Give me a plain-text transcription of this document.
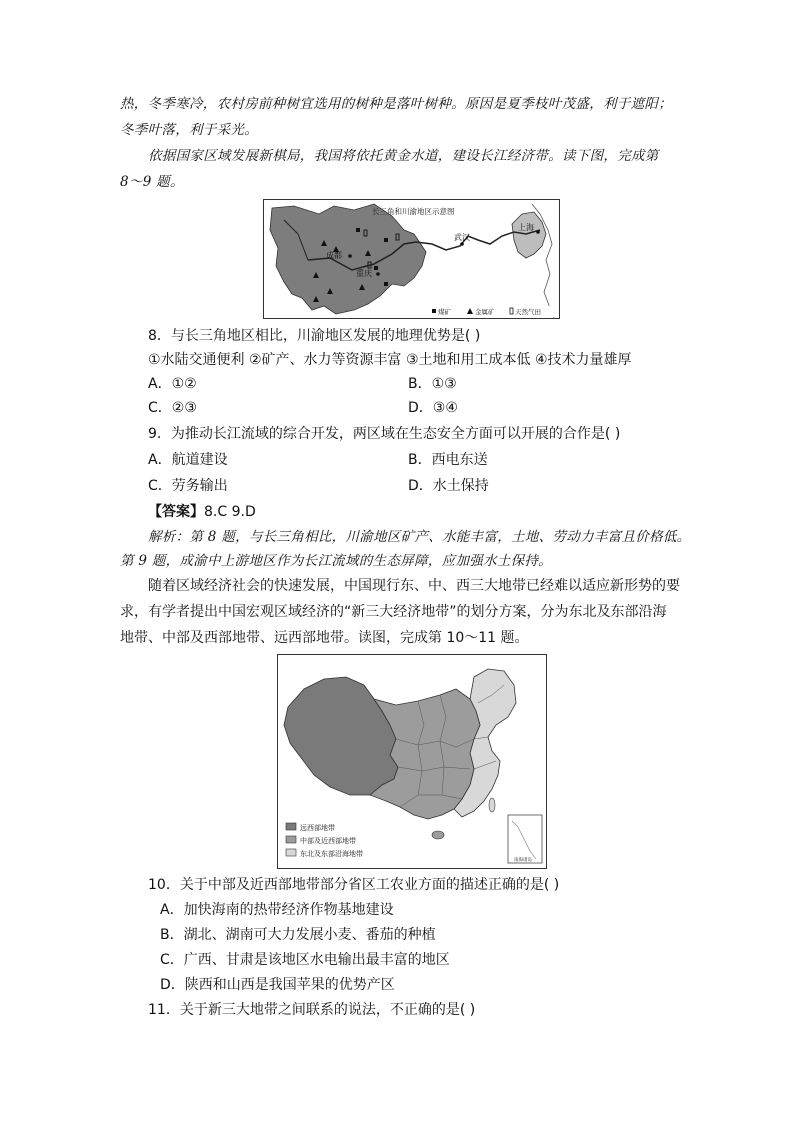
热，冬季寒冷，农村房前种树宜选用的树种是落叶树种。原因是夏季枝叶茂盛，利于遮阳；
冬季叶落，利于采光。
依据国家区域发展新棋局，我国将依托黄金水道，建设长江经济带。读下图，完成第
8～9 题。
长三角和川渝地区示意图
成都
重庆
武汉
上海
煤矿	金属矿	天然气田
8．与长三角地区相比，川渝地区发展的地理优势是( )
①水陆交通便利 ②矿产、水力等资源丰富 ③土地和用工成本低 ④技术力量雄厚
A．①②	B．①③
C．②③	D．③④
9．为推动长江流域的综合开发，两区域在生态安全方面可以开展的合作是( )
A．航道建设	B．西电东送
C．劳务输出	D．水土保持
【答案】8.C 9.D
解析：第 8 题，与长三角相比，川渝地区矿产、水能丰富，土地、劳动力丰富且价格低。
第 9 题，成渝中上游地区作为长江流域的生态屏障，应加强水土保持。
随着区域经济社会的快速发展，中国现行东、中、西三大地带已经难以适应新形势的要
求，有学者提出中国宏观区域经济的“新三大经济地带”的划分方案，分为东北及东部沿海
地带、中部及西部地带、远西部地带。读图，完成第 10～11 题。
南海诸岛
远西部地带
中部及近西部地带
东北及东部沿海地带
10．关于中部及近西部地带部分省区工农业方面的描述正确的是( )
A．加快海南的热带经济作物基地建设
B．湖北、湖南可大力发展小麦、番茄的种植
C．广西、甘肃是该地区水电输出最丰富的地区
D．陕西和山西是我国苹果的优势产区
11．关于新三大地带之间联系的说法，不正确的是( )
